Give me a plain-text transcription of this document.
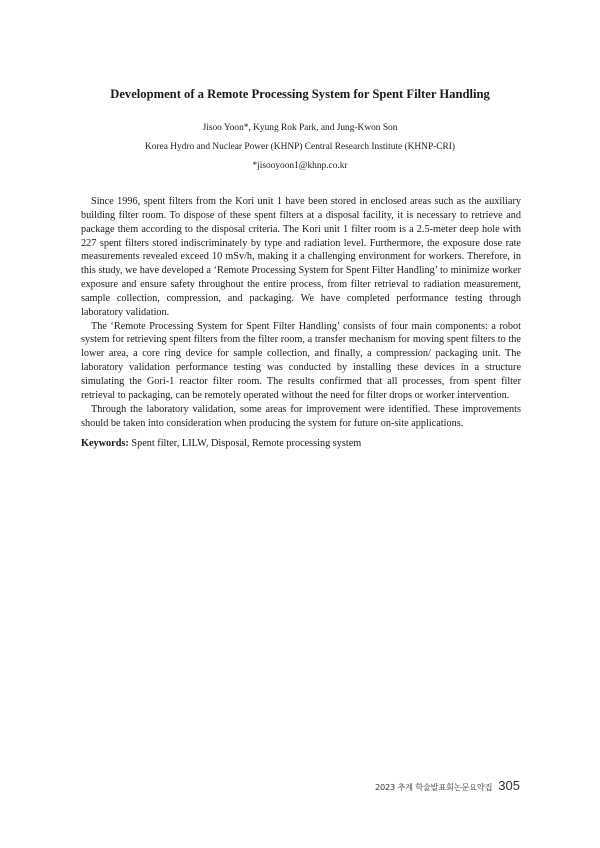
Development of a Remote Processing System for Spent Filter Handling

Jisoo Yoon*, Kyung Rok Park, and Jung-Kwon Son

Korea Hydro and Nuclear Power (KHNP) Central Research Institute (KHNP-CRI)

*jisooyoon1@khnp.co.kr

Since 1996, spent filters from the Kori unit 1 have been stored in enclosed areas such as the auxiliary building filter room. To dispose of these spent filters at a disposal facility, it is necessary to retrieve and package them according to the disposal criteria. The Kori unit 1 filter room is a 2.5-meter deep hole with 227 spent filters stored indiscriminately by type and radiation level. Furthermore, the exposure dose rate measurements revealed exceed 10 mSv/h, making it a challenging environment for workers. Therefore, in this study, we have developed a ‘Remote Processing System for Spent Filter Handling’ to minimize worker exposure and ensure safety throughout the entire process, from filter retrieval to radiation measurement, sample collection, compression, and packaging. We have completed performance testing through laboratory validation.

The ‘Remote Processing System for Spent Filter Handling’ consists of four main components: a robot system for retrieving spent filters from the filter room, a transfer mechanism for moving spent filters to the lower area, a core ring device for sample collection, and finally, a compression/ packaging unit. The laboratory validation performance testing was conducted by installing these devices in a structure simulating the Gori-1 reactor filter room. The results confirmed that all processes, from spent filter retrieval to packaging, can be remotely operated without the need for filter drops or worker intervention.

Through the laboratory validation, some areas for improvement were identified. These improvements should be taken into consideration when producing the system for future on-site applications.

Keywords: Spent filter, LILW, Disposal, Remote processing system

2023 추계 학술발표회논문요약집 305
